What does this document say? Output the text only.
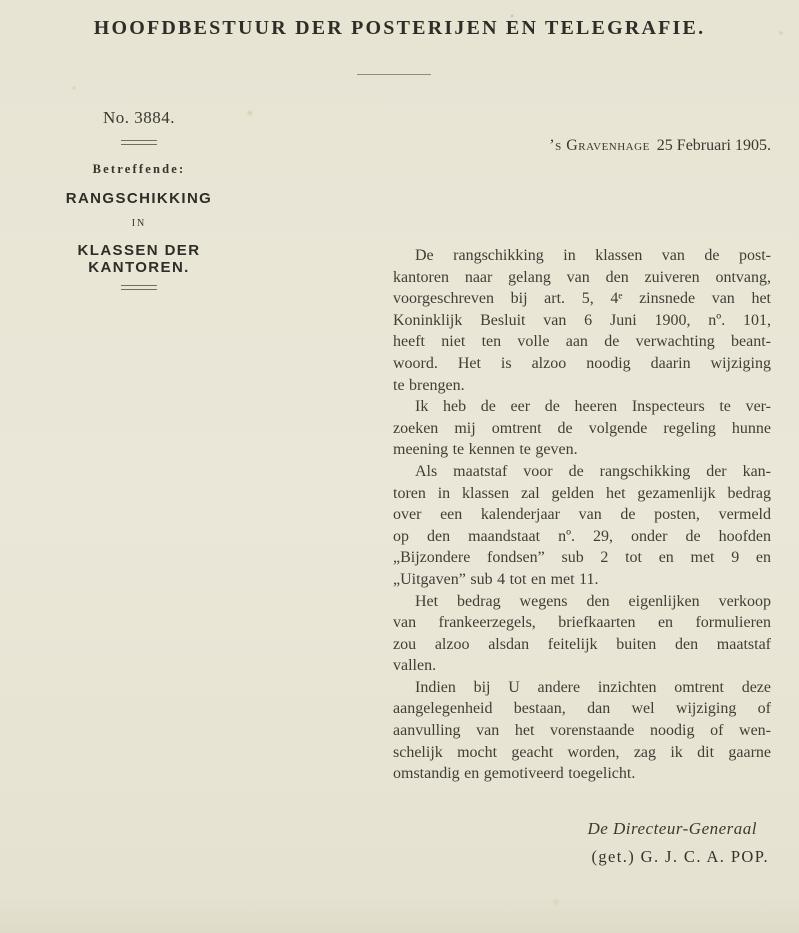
HOOFDBESTUUR DER POSTERIJEN EN TELEGRAFIE.
No. 3884.
Betreffende:
RANGSCHIKKING
IN
KLASSEN DER KANTOREN.
’s Gravenhage 25 Februari 1905.
De rangschikking in klassen van de post-
kantoren naar gelang van den zuiveren ontvang,
voorgeschreven bij art. 5, 4ᵉ zinsnede van het
Koninklijk Besluit van 6 Juni 1900, nº. 101,
heeft niet ten volle aan de verwachting beant-
woord. Het is alzoo noodig daarin wijziging
te brengen.
Ik heb de eer de heeren Inspecteurs te ver-
zoeken mij omtrent de volgende regeling hunne
meening te kennen te geven.
Als maatstaf voor de rangschikking der kan-
toren in klassen zal gelden het gezamenlijk bedrag
over een kalenderjaar van de posten, vermeld
op den maandstaat nº. 29, onder de hoofden
„Bijzondere fondsen” sub 2 tot en met 9 en
„Uitgaven” sub 4 tot en met 11.
Het bedrag wegens den eigenlijken verkoop
van frankeerzegels, briefkaarten en formulieren
zou alzoo alsdan feitelijk buiten den maatstaf
vallen.
Indien bij U andere inzichten omtrent deze
aangelegenheid bestaan, dan wel wijziging of
aanvulling van het vorenstaande noodig of wen-
schelijk mocht geacht worden, zag ik dit gaarne
omstandig en gemotiveerd toegelicht.
De Directeur-Generaal
(get.) G. J. C. A. POP.
